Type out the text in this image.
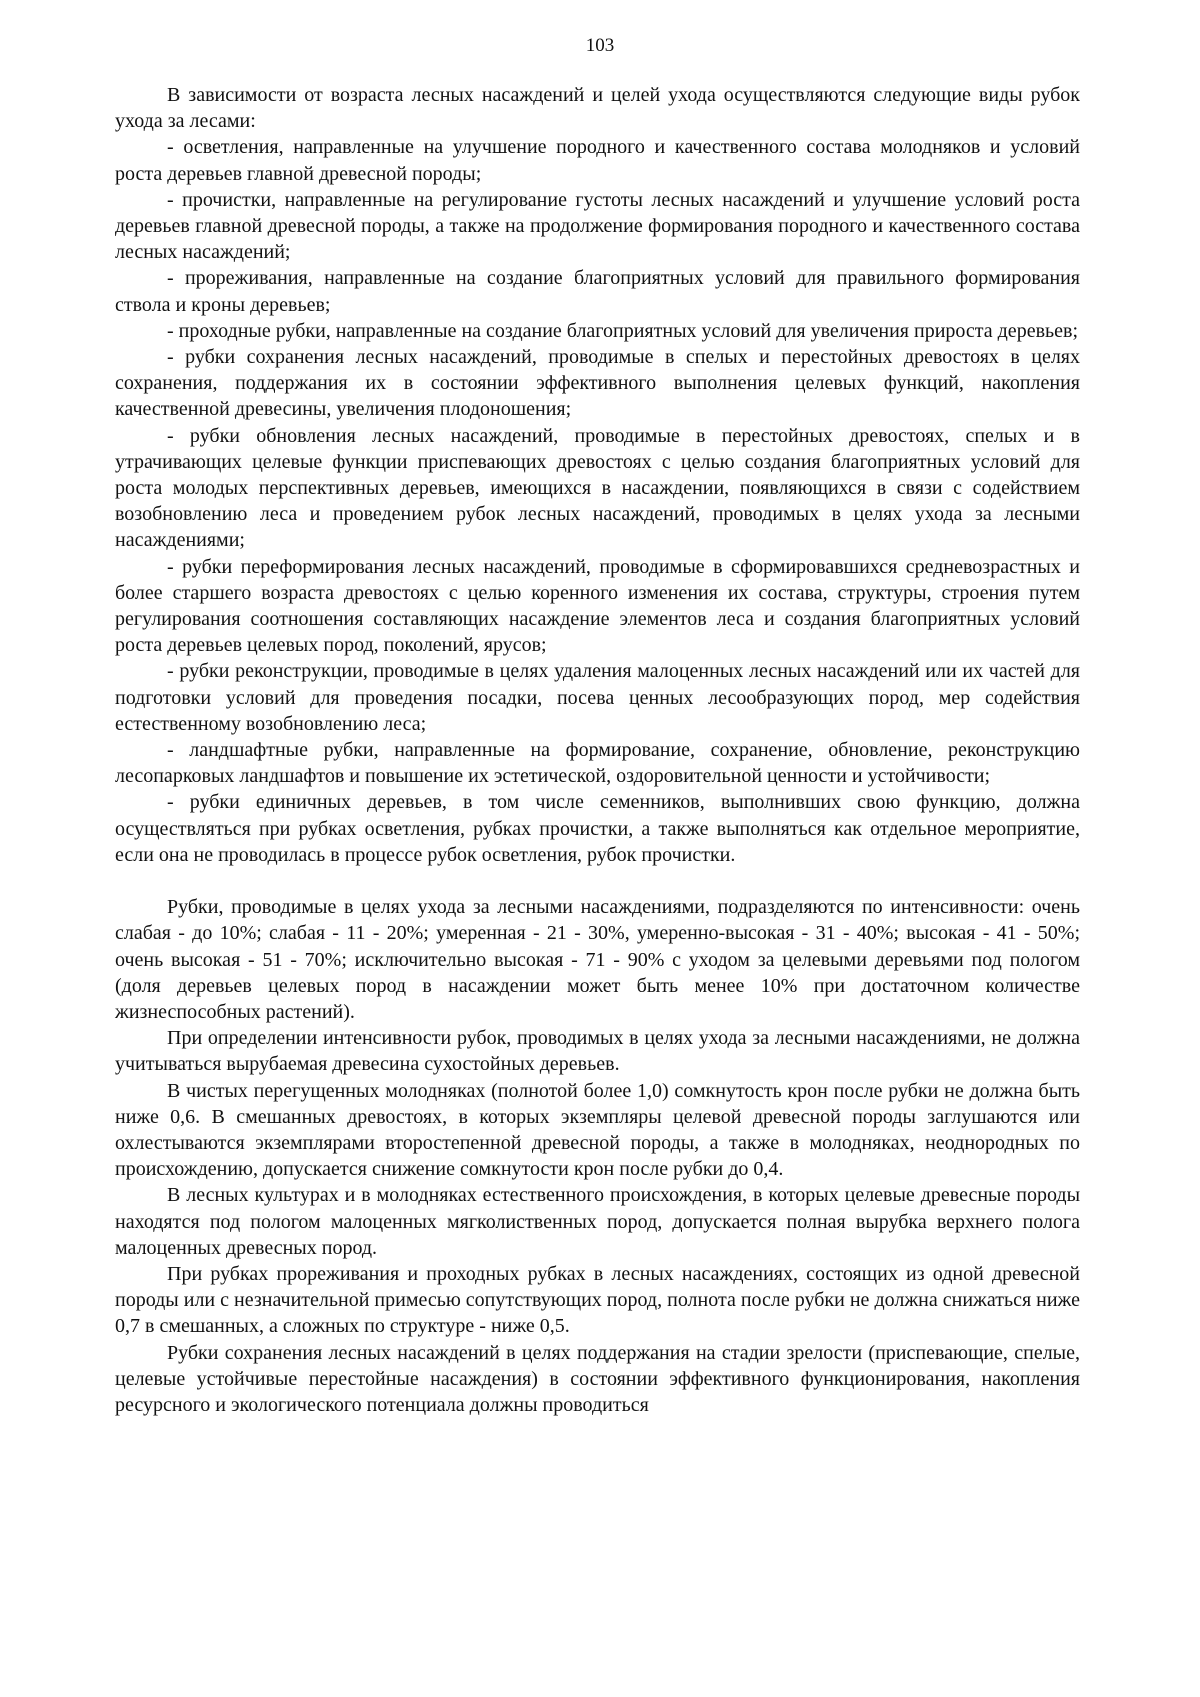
103

В зависимости от возраста лесных насаждений и целей ухода осуществляются следующие виды рубок ухода за лесами:

- осветления, направленные на улучшение породного и качественного состава молодняков и условий роста деревьев главной древесной породы;

- прочистки, направленные на регулирование густоты лесных насаждений и улучшение условий роста деревьев главной древесной породы, а также на продолжение формирования породного и качественного состава лесных насаждений;

- прореживания, направленные на создание благоприятных условий для правильного формирования ствола и кроны деревьев;

- проходные рубки, направленные на создание благоприятных условий для увеличения прироста деревьев;

- рубки сохранения лесных насаждений, проводимые в спелых и перестойных древостоях в целях сохранения, поддержания их в состоянии эффективного выполнения целевых функций, накопления качественной древесины, увеличения плодоношения;

- рубки обновления лесных насаждений, проводимые в перестойных древостоях, спелых и в утрачивающих целевые функции приспевающих древостоях с целью создания благоприятных условий для роста молодых перспективных деревьев, имеющихся в насаждении, появляющихся в связи с содействием возобновлению леса и проведением рубок лесных насаждений, проводимых в целях ухода за лесными насаждениями;

- рубки переформирования лесных насаждений, проводимые в сформировавшихся средневозрастных и более старшего возраста древостоях с целью коренного изменения их состава, структуры, строения путем регулирования соотношения составляющих насаждение элементов леса и создания благоприятных условий роста деревьев целевых пород, поколений, ярусов;

- рубки реконструкции, проводимые в целях удаления малоценных лесных насаждений или их частей для подготовки условий для проведения посадки, посева ценных лесообразующих пород, мер содействия естественному возобновлению леса;

- ландшафтные рубки, направленные на формирование, сохранение, обновление, реконструкцию лесопарковых ландшафтов и повышение их эстетической, оздоровительной ценности и устойчивости;

- рубки единичных деревьев, в том числе семенников, выполнивших свою функцию, должна осуществляться при рубках осветления, рубках прочистки, а также выполняться как отдельное мероприятие, если она не проводилась в процессе рубок осветления, рубок прочистки.

Рубки, проводимые в целях ухода за лесными насаждениями, подразделяются по интенсивности: очень слабая - до 10%; слабая - 11 - 20%; умеренная - 21 - 30%, умеренно-высокая - 31 - 40%; высокая - 41 - 50%; очень высокая - 51 - 70%; исключительно высокая - 71 - 90% с уходом за целевыми деревьями под пологом (доля деревьев целевых пород в насаждении может быть менее 10% при достаточном количестве жизнеспособных растений).

При определении интенсивности рубок, проводимых в целях ухода за лесными насаждениями, не должна учитываться вырубаемая древесина сухостойных деревьев.

В чистых перегущенных молодняках (полнотой более 1,0) сомкнутость крон после рубки не должна быть ниже 0,6. В смешанных древостоях, в которых экземпляры целевой древесной породы заглушаются или охлестываются экземплярами второстепенной древесной породы, а также в молодняках, неоднородных по происхождению, допускается снижение сомкнутости крон после рубки до 0,4.

В лесных культурах и в молодняках естественного происхождения, в которых целевые древесные породы находятся под пологом малоценных мягколиственных пород, допускается полная вырубка верхнего полога малоценных древесных пород.

При рубках прореживания и проходных рубках в лесных насаждениях, состоящих из одной древесной породы или с незначительной примесью сопутствующих пород, полнота после рубки не должна снижаться ниже 0,7 в смешанных, а сложных по структуре - ниже 0,5.

Рубки сохранения лесных насаждений в целях поддержания на стадии зрелости (приспевающие, спелые, целевые устойчивые перестойные насаждения) в состоянии эффективного функционирования, накопления ресурсного и экологического потенциала должны проводиться
